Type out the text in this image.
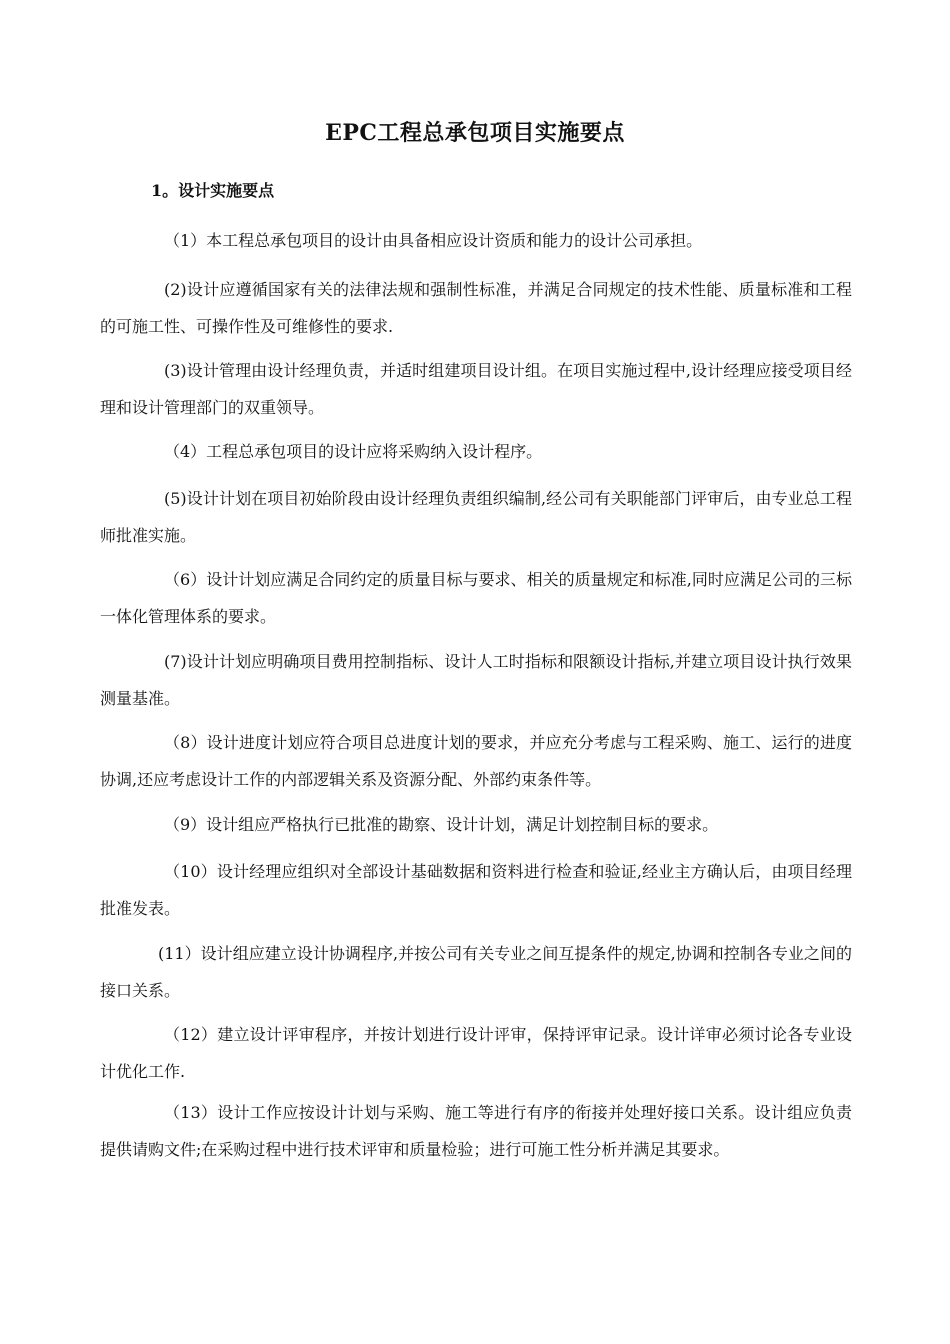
EPC工程总承包项目实施要点
1。设计实施要点

（1）本工程总承包项目的设计由具备相应设计资质和能力的设计公司承担。

(2)设计应遵循国家有关的法律法规和强制性标准，并满足合同规定的技术性能、质量标准和工程的可施工性、可操作性及可维修性的要求.

(3)设计管理由设计经理负责，并适时组建项目设计组。在项目实施过程中,设计经理应接受项目经理和设计管理部门的双重领导。

（4）工程总承包项目的设计应将采购纳入设计程序。

(5)设计计划在项目初始阶段由设计经理负责组织编制,经公司有关职能部门评审后，由专业总工程师批准实施。

（6）设计计划应满足合同约定的质量目标与要求、相关的质量规定和标准,同时应满足公司的三标一体化管理体系的要求。

(7)设计计划应明确项目费用控制指标、设计人工时指标和限额设计指标,并建立项目设计执行效果测量基准。

（8）设计进度计划应符合项目总进度计划的要求，并应充分考虑与工程采购、施工、运行的进度协调,还应考虑设计工作的内部逻辑关系及资源分配、外部约束条件等。

（9）设计组应严格执行已批准的勘察、设计计划，满足计划控制目标的要求。

（10）设计经理应组织对全部设计基础数据和资料进行检查和验证,经业主方确认后，由项目经理批准发表。

(11）设计组应建立设计协调程序,并按公司有关专业之间互提条件的规定,协调和控制各专业之间的接口关系。

（12）建立设计评审程序，并按计划进行设计评审，保持评审记录。设计详审必须讨论各专业设计优化工作.

（13）设计工作应按设计计划与采购、施工等进行有序的衔接并处理好接口关系。设计组应负责提供请购文件;在采购过程中进行技术评审和质量检验；进行可施工性分析并满足其要求。
